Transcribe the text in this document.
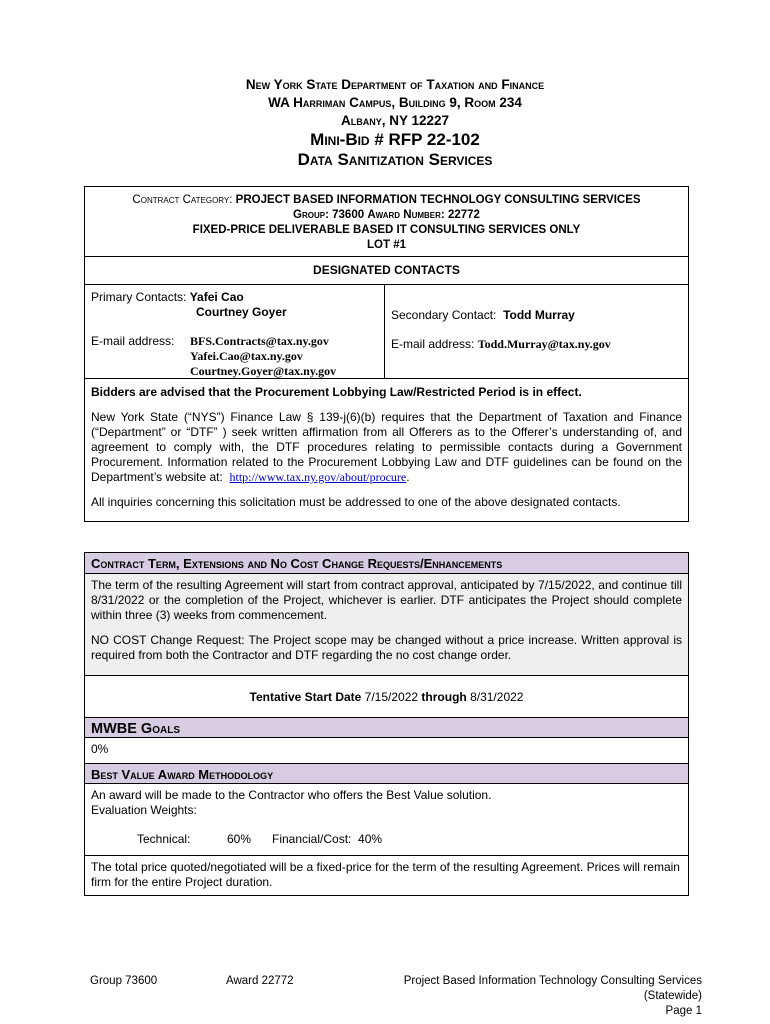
New York State Department of Taxation and Finance
WA Harriman Campus, Building 9, Room 234
Albany, NY 12227
Mini-Bid # RFP 22-102
Data Sanitization Services
Contract Category: PROJECT BASED INFORMATION TECHNOLOGY CONSULTING SERVICES
Group: 73600 Award Number: 22772
FIXED-PRICE DELIVERABLE BASED IT CONSULTING SERVICES ONLY
LOT #1
DESIGNATED CONTACTS
Primary Contacts: Yafei Cao
Courtney Goyer
E-mail address:	BFS.Contracts@tax.ny.gov
Yafei.Cao@tax.ny.gov
Courtney.Goyer@tax.ny.gov
Secondary Contact: Todd Murray
E-mail address: Todd.Murray@tax.ny.gov

Bidders are advised that the Procurement Lobbying Law/Restricted Period is in effect.

New York State (“NYS”) Finance Law § 139-j(6)(b) requires that the Department of Taxation and Finance (“Department” or “DTF” ) seek written affirmation from all Offerers as to the Offerer’s understanding of, and agreement to comply with, the DTF procedures relating to permissible contacts during a Government Procurement. Information related to the Procurement Lobbying Law and DTF guidelines can be found on the Department’s website at: http://www.tax.ny.gov/about/procure.

All inquiries concerning this solicitation must be addressed to one of the above designated contacts.

Contract Term, Extensions and No Cost Change Requests/Enhancements

The term of the resulting Agreement will start from contract approval, anticipated by 7/15/2022, and continue till 8/31/2022 or the completion of the Project, whichever is earlier. DTF anticipates the Project should complete within three (3) weeks from commencement.

NO COST Change Request: The Project scope may be changed without a price increase. Written approval is required from both the Contractor and DTF regarding the no cost change order.

Tentative Start Date 7/15/2022 through 8/31/2022
MWBE Goals
0%
Best Value Award Methodology
An award will be made to the Contractor who offers the Best Value solution.
Evaluation Weights:
Technical:	60% Financial/Cost: 40%
The total price quoted/negotiated will be a fixed-price for the term of the resulting Agreement. Prices will remain firm for the entire Project duration.
Group 73600	Award 22772	Project Based Information Technology Consulting Services (Statewide)
Page 1
